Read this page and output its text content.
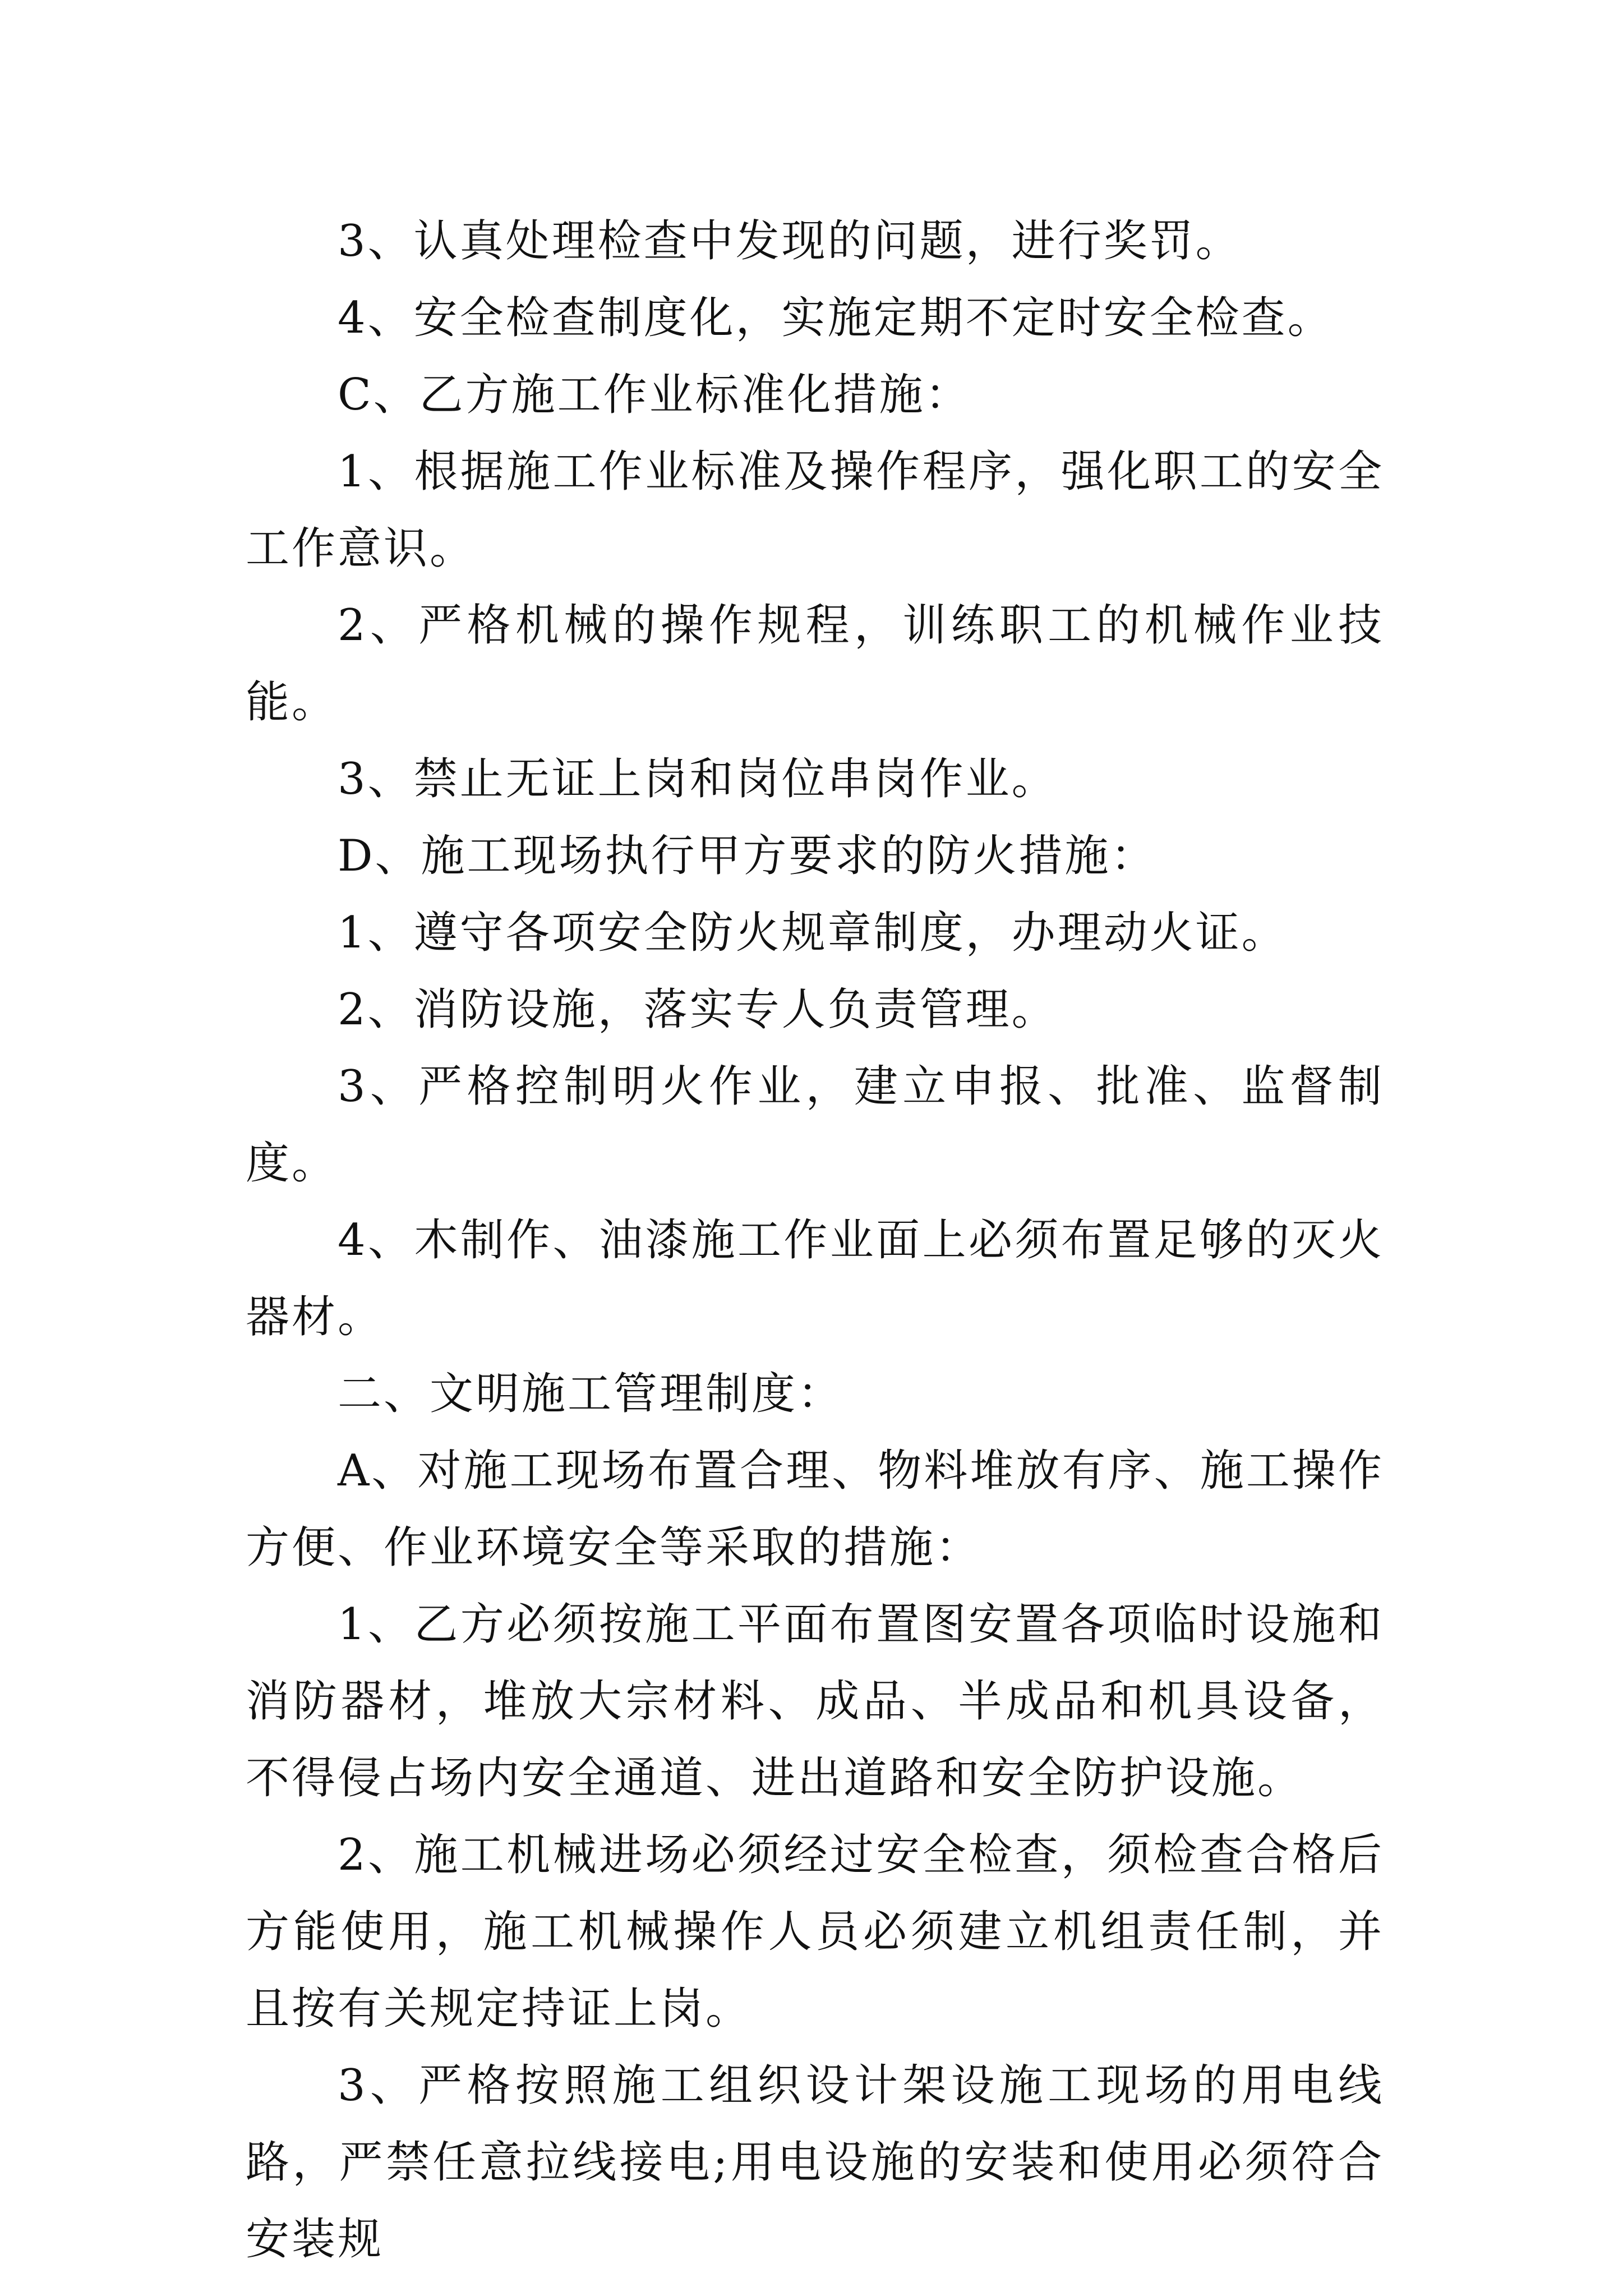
3、认真处理检查中发现的问题，进行奖罚。

4、安全检查制度化，实施定期不定时安全检查。

C、乙方施工作业标准化措施：

1、根据施工作业标准及操作程序，强化职工的安全工作意识。

2、严格机械的操作规程，训练职工的机械作业技能。

3、禁止无证上岗和岗位串岗作业。

D、施工现场执行甲方要求的防火措施：

1、遵守各项安全防火规章制度，办理动火证。

2、消防设施，落实专人负责管理。

3、严格控制明火作业，建立申报、批准、监督制度。

4、木制作、油漆施工作业面上必须布置足够的灭火器材。

二、文明施工管理制度：

A、对施工现场布置合理、物料堆放有序、施工操作方便、作业环境安全等采取的措施：

1、乙方必须按施工平面布置图安置各项临时设施和消防器材，堆放大宗材料、成品、半成品和机具设备，不得侵占场内安全通道、进出道路和安全防护设施。

2、施工机械进场必须经过安全检查，须检查合格后方能使用，施工机械操作人员必须建立机组责任制，并且按有关规定持证上岗。

3、严格按照施工组织设计架设施工现场的用电线路，严禁任意拉线接电;用电设施的安装和使用必须符合安装规
